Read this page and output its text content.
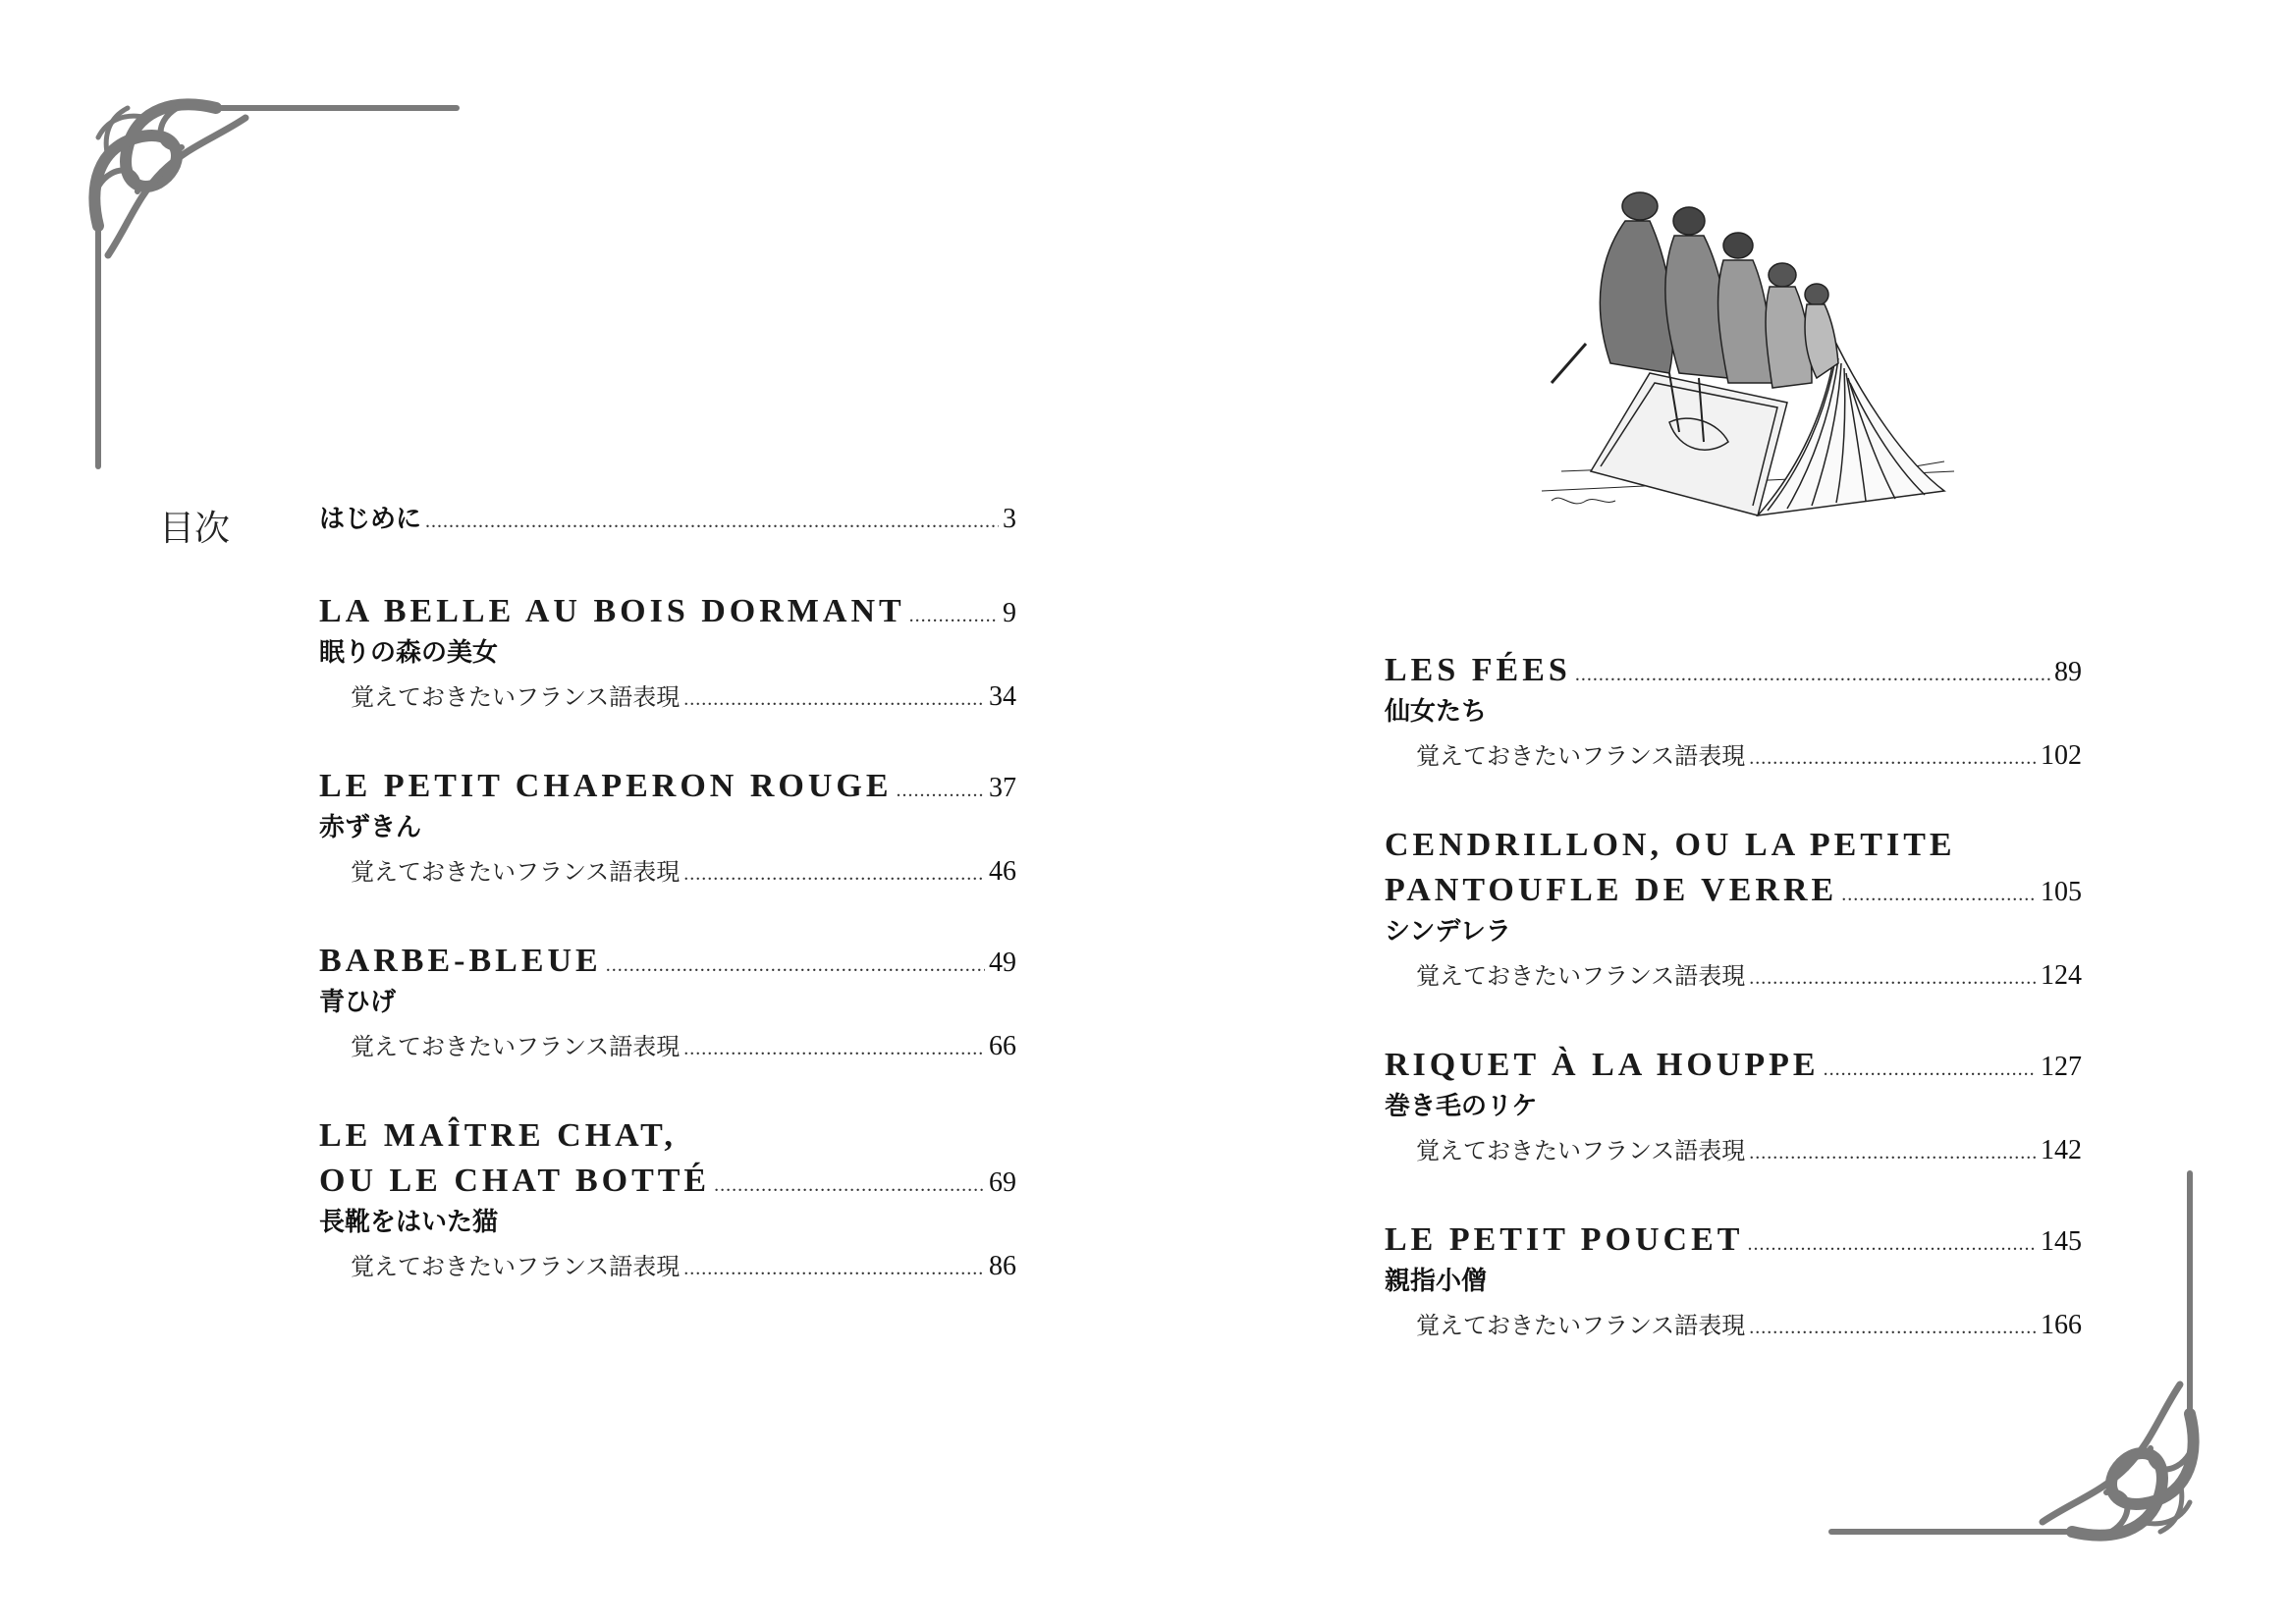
目次	はじめに .....	3
LA BELLE AU BOIS DORMANT .....	9
眠りの森の美女
覚えておきたいフランス語表現 .....	34
LE PETIT CHAPERON ROUGE .....	37
赤ずきん
覚えておきたいフランス語表現 .....	46
BARBE-BLEUE .....	49
青ひげ
覚えておきたいフランス語表現 .....	66
LE MAÎTRE CHAT,
OU LE CHAT BOTTÉ .....	69
長靴をはいた猫
覚えておきたいフランス語表現 .....	86
LES FÉES .....	89
仙女たち
覚えておきたいフランス語表現 .....	102
CENDRILLON, OU LA PETITE
PANTOUFLE DE VERRE .....	105
シンデレラ
覚えておきたいフランス語表現 .....	124
RIQUET À LA HOUPPE .....	127
巻き毛のリケ
覚えておきたいフランス語表現 .....	142
LE PETIT POUCET .....	145
親指小僧
覚えておきたいフランス語表現 .....	166
